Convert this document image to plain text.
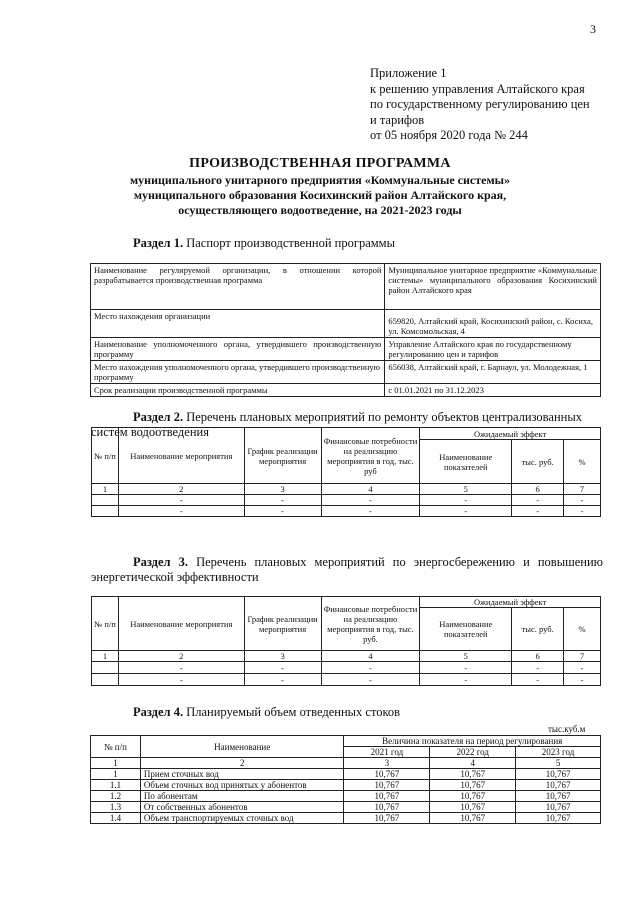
3
Приложение 1
к решению управления Алтайского края
по государственному регулированию цен
и тарифов
от 05 ноября 2020 года № 244
ПРОИЗВОДСТВЕННАЯ ПРОГРАММА
муниципального унитарного предприятия «Коммунальные системы»
муниципального образования Косихинский район Алтайского края,
осуществляющего водоотведение, на 2021-2023 годы
Раздел 1. Паспорт производственной программы
Наименование регулируемой организации, в отношении которой разрабатывается производственная программа	Муниципальное унитарное предприятие «Коммунальные системы» муниципального образования Косихинский район Алтайского края
Место нахождения организации	659820, Алтайский край, Косихинский район, с. Косиха, ул. Комсомольская, 4
Наименование уполномоченного органа, утвердившего производственную программу	Управление Алтайского края по государственному регулированию цен и тарифов
Место нахождения уполномоченного органа, утвердившего производственную программу	656038, Алтайский край, г. Барнаул, ул. Молодежная, 1
Срок реализации производственной программы	с 01.01.2021 по 31.12.2023
Раздел 2. Перечень плановых мероприятий по ремонту объектов централизованных систем водоотведения
№ п/п	Наименование мероприятия	График реализации мероприятия	Финансовые потребности на реализацию мероприятия в год, тыс. руб	Ожидаемый эффект		
				Наименование показателей	тыс. руб.	%
1	2	3	4	5	6	7
	-	-	-	-	-	-
	-	-	-	-	-	-
Раздел 3. Перечень плановых мероприятий по энергосбережению и повышению энергетической эффективности
№ п/п	Наименование мероприятия	График реализации мероприятия	Финансовые потребности на реализацию мероприятия в год, тыс. руб.	Ожидаемый эффект		
				Наименование показателей	тыс. руб.	%
1	2	3	4	5	6	7
	-	-	-	-	-	-
	-	-	-	-	-	-
Раздел 4. Планируемый объем отведенных стоков
тыс.куб.м
№ п/п	Наименование	Величина показателя на период регулирования		
		2021 год	2022 год	2023 год
1	2	3	4	5
1	Прием сточных вод	10,767	10,767	10,767
1.1	Объем сточных вод принятых у абонентов	10,767	10,767	10,767
1.2	По абонентам	10,767	10,767	10,767
1.3	От собственных абонентов	10,767	10,767	10,767
1.4	Объем транспортируемых сточных вод	10,767	10,767	10,767
